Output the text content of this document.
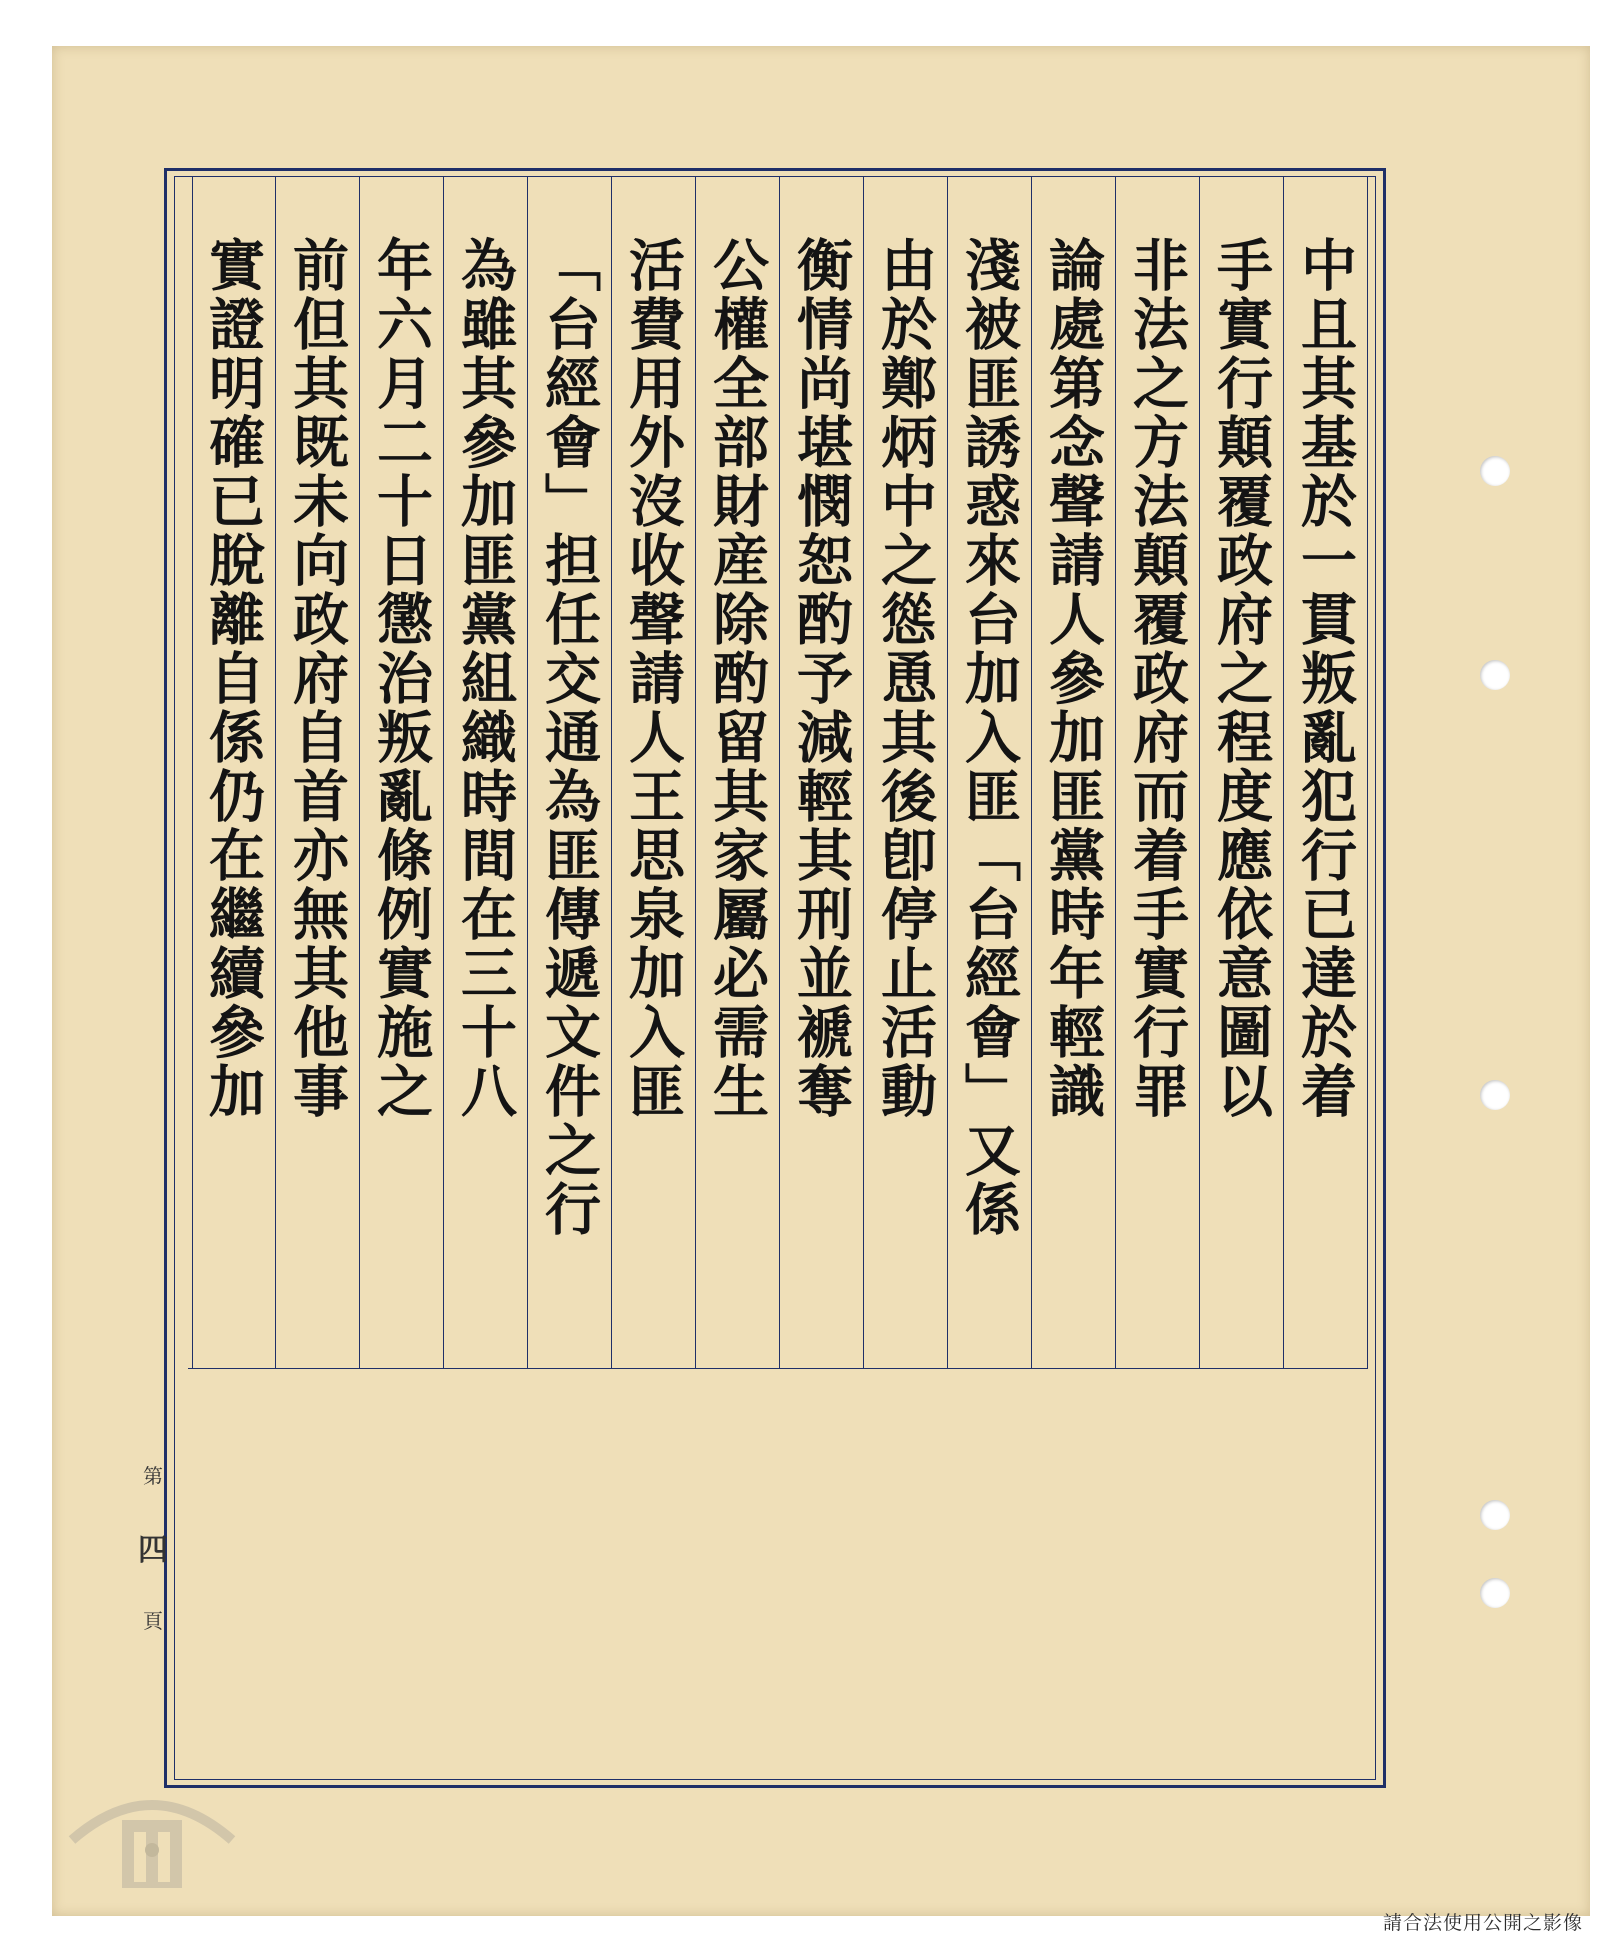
中且其基於一貫叛亂犯行已達於着
手實行顛覆政府之程度應依意圖以
非法之方法顛覆政府而着手實行罪
論處第念聲請人參加匪黨時年輕識
淺被匪誘惑來台加入匪「台經會」又係
由於鄭炳中之慫恿其後卽停止活動
衡情尚堪憫恕酌予減輕其刑並褫奪
公權全部財産除酌留其家屬必需生
活費用外沒收聲請人王思泉加入匪
「台經會」担任交通為匪傳遞文件之行
為雖其參加匪黨組織時間在三十八
年六月二十日懲治叛亂條例實施之
前但其既未向政府自首亦無其他事
實證明確已脫離自係仍在繼續參加
第
四
頁
請合法使用公開之影像
